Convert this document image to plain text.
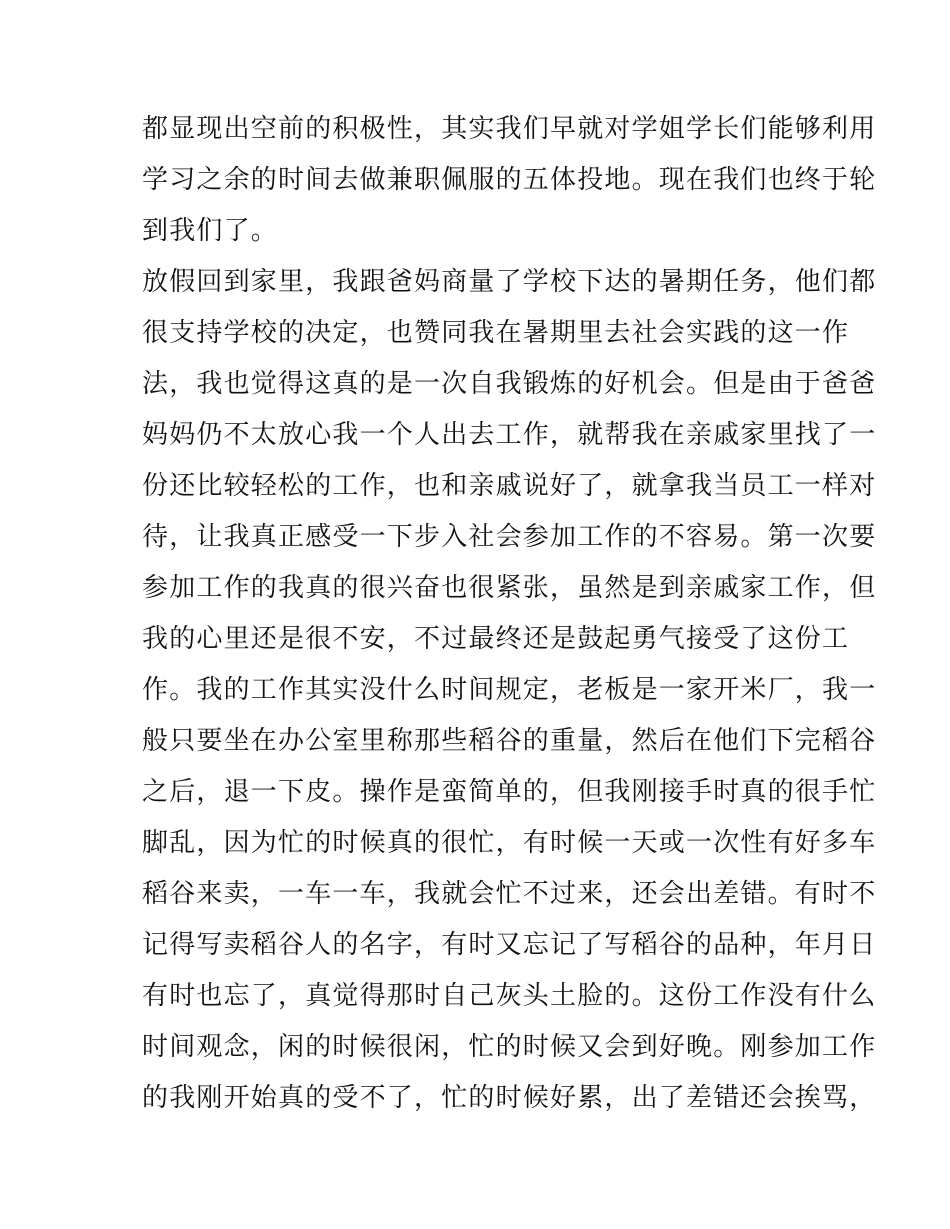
都显现出空前的积极性，其实我们早就对学姐学长们能够利用
学习之余的时间去做兼职佩服的五体投地。现在我们也终于轮
到我们了。
放假回到家里，我跟爸妈商量了学校下达的暑期任务，他们都
很支持学校的决定，也赞同我在暑期里去社会实践的这一作
法，我也觉得这真的是一次自我锻炼的好机会。但是由于爸爸
妈妈仍不太放心我一个人出去工作，就帮我在亲戚家里找了一
份还比较轻松的工作，也和亲戚说好了，就拿我当员工一样对
待，让我真正感受一下步入社会参加工作的不容易。第一次要
参加工作的我真的很兴奋也很紧张，虽然是到亲戚家工作，但
我的心里还是很不安，不过最终还是鼓起勇气接受了这份工
作。我的工作其实没什么时间规定，老板是一家开米厂，我一
般只要坐在办公室里称那些稻谷的重量，然后在他们下完稻谷
之后，退一下皮。操作是蛮简单的，但我刚接手时真的很手忙
脚乱，因为忙的时候真的很忙，有时候一天或一次性有好多车
稻谷来卖，一车一车，我就会忙不过来，还会出差错。有时不
记得写卖稻谷人的名字，有时又忘记了写稻谷的品种，年月日
有时也忘了，真觉得那时自己灰头土脸的。这份工作没有什么
时间观念，闲的时候很闲，忙的时候又会到好晚。刚参加工作
的我刚开始真的受不了，忙的时候好累，出了差错还会挨骂，
